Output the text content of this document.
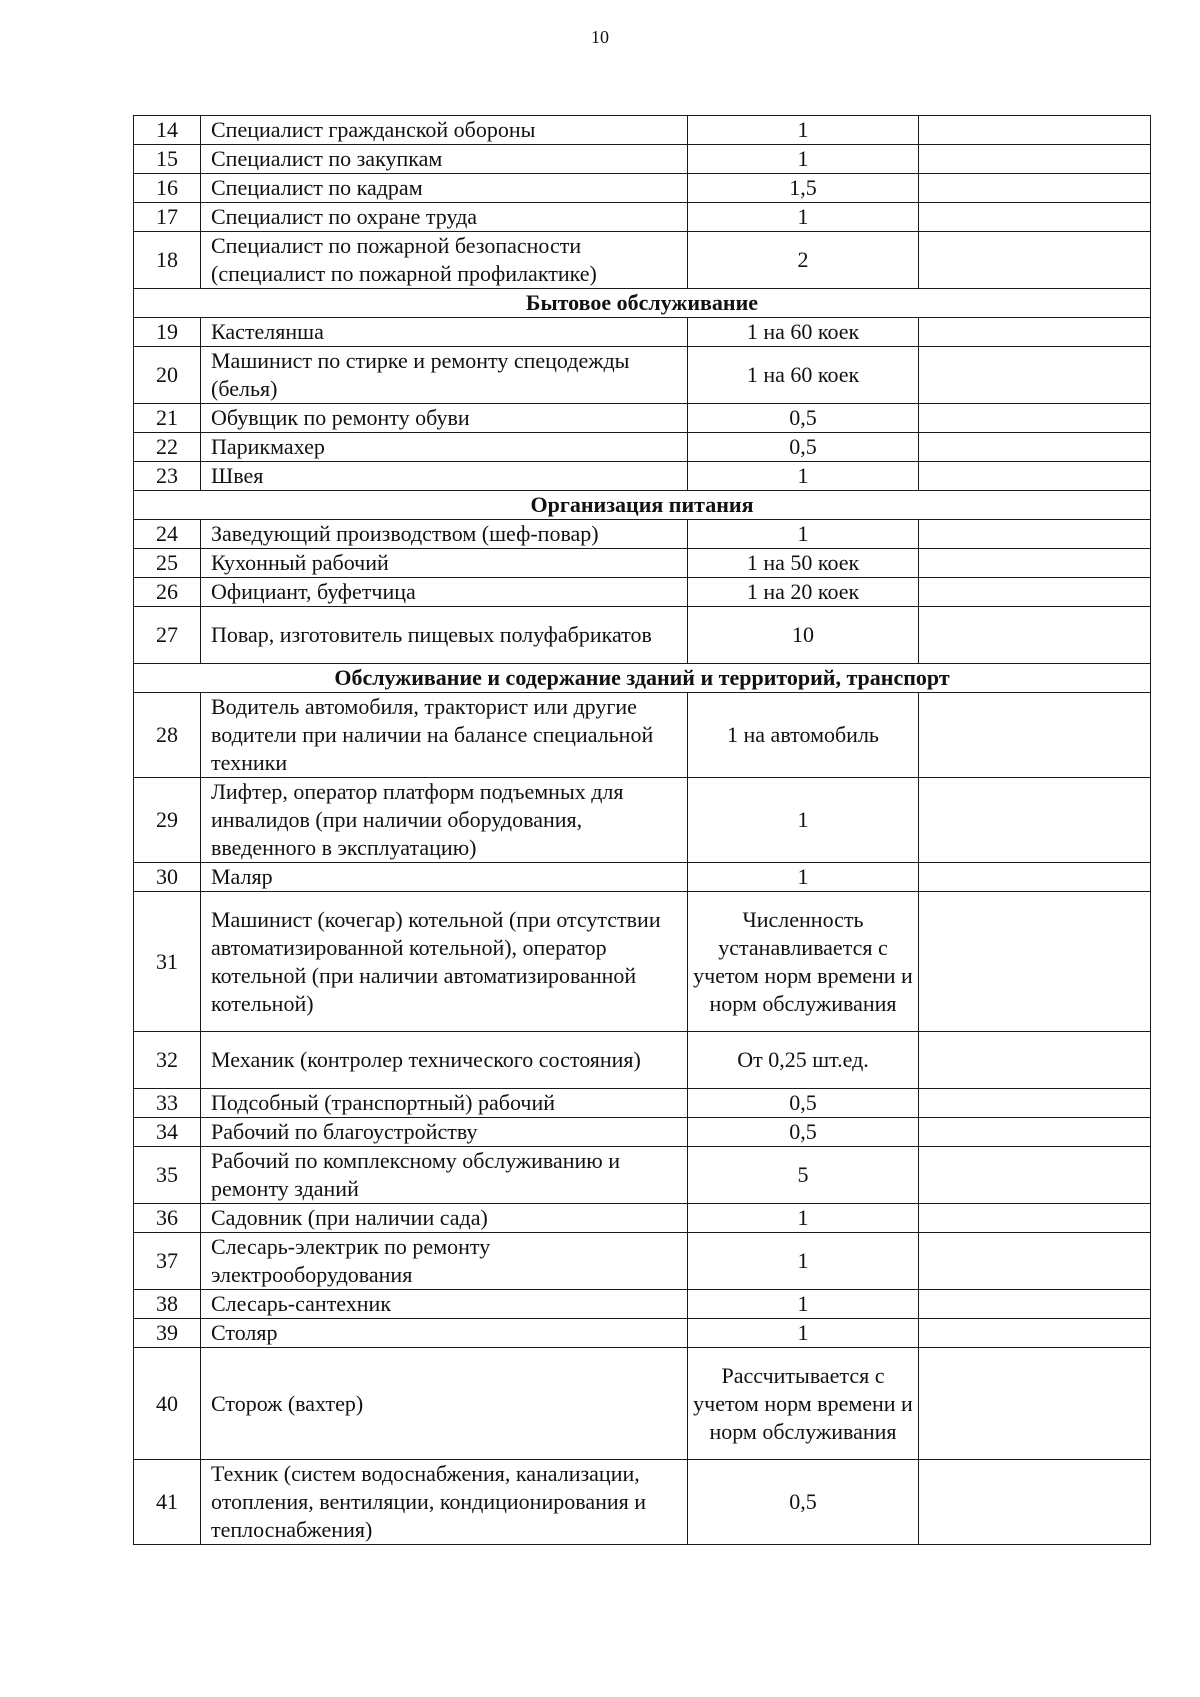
10
14	Специалист гражданской обороны	1	
15	Специалист по закупкам	1	
16	Специалист по кадрам	1,5	
17	Специалист по охране труда	1	
18	Специалист по пожарной безопасности (специалист по пожарной профилактике)	2	
Бытовое обслуживание			
19	Кастелянша	1 на 60 коек	
20	Машинист по стирке и ремонту спецодежды (белья)	1 на 60 коек	
21	Обувщик по ремонту обуви	0,5	
22	Парикмахер	0,5	
23	Швея	1	
Организация питания			
24	Заведующий производством (шеф-повар)	1	
25	Кухонный рабочий	1 на 50 коек	
26	Официант, буфетчица	1 на 20 коек	
27	Повар, изготовитель пищевых полуфабрикатов	10	
Обслуживание и содержание зданий и территорий, транспорт			
28	Водитель автомобиля, тракторист или другие водители при наличии на балансе специальной техники	1 на автомобиль	
29	Лифтер, оператор платформ подъемных для инвалидов (при наличии оборудования, введенного в эксплуатацию)	1	
30	Маляр	1	
31	Машинист (кочегар) котельной (при отсутствии автоматизированной котельной), оператор котельной (при наличии автоматизированной котельной)	Численность устанавливается с учетом норм времени и норм обслуживания	
32	Механик (контролер технического состояния)	От 0,25 шт.ед.	
33	Подсобный (транспортный) рабочий	0,5	
34	Рабочий по благоустройству	0,5	
35	Рабочий по комплексному обслуживанию и ремонту зданий	5	
36	Садовник (при наличии сада)	1	
37	Слесарь-электрик по ремонту электрооборудования	1	
38	Слесарь-сантехник	1	
39	Столяр	1	
40	Сторож (вахтер)	Рассчитывается с учетом норм времени и норм обслуживания	
41	Техник (систем водоснабжения, канализации, отопления, вентиляции, кондиционирования и теплоснабжения)	0,5	
